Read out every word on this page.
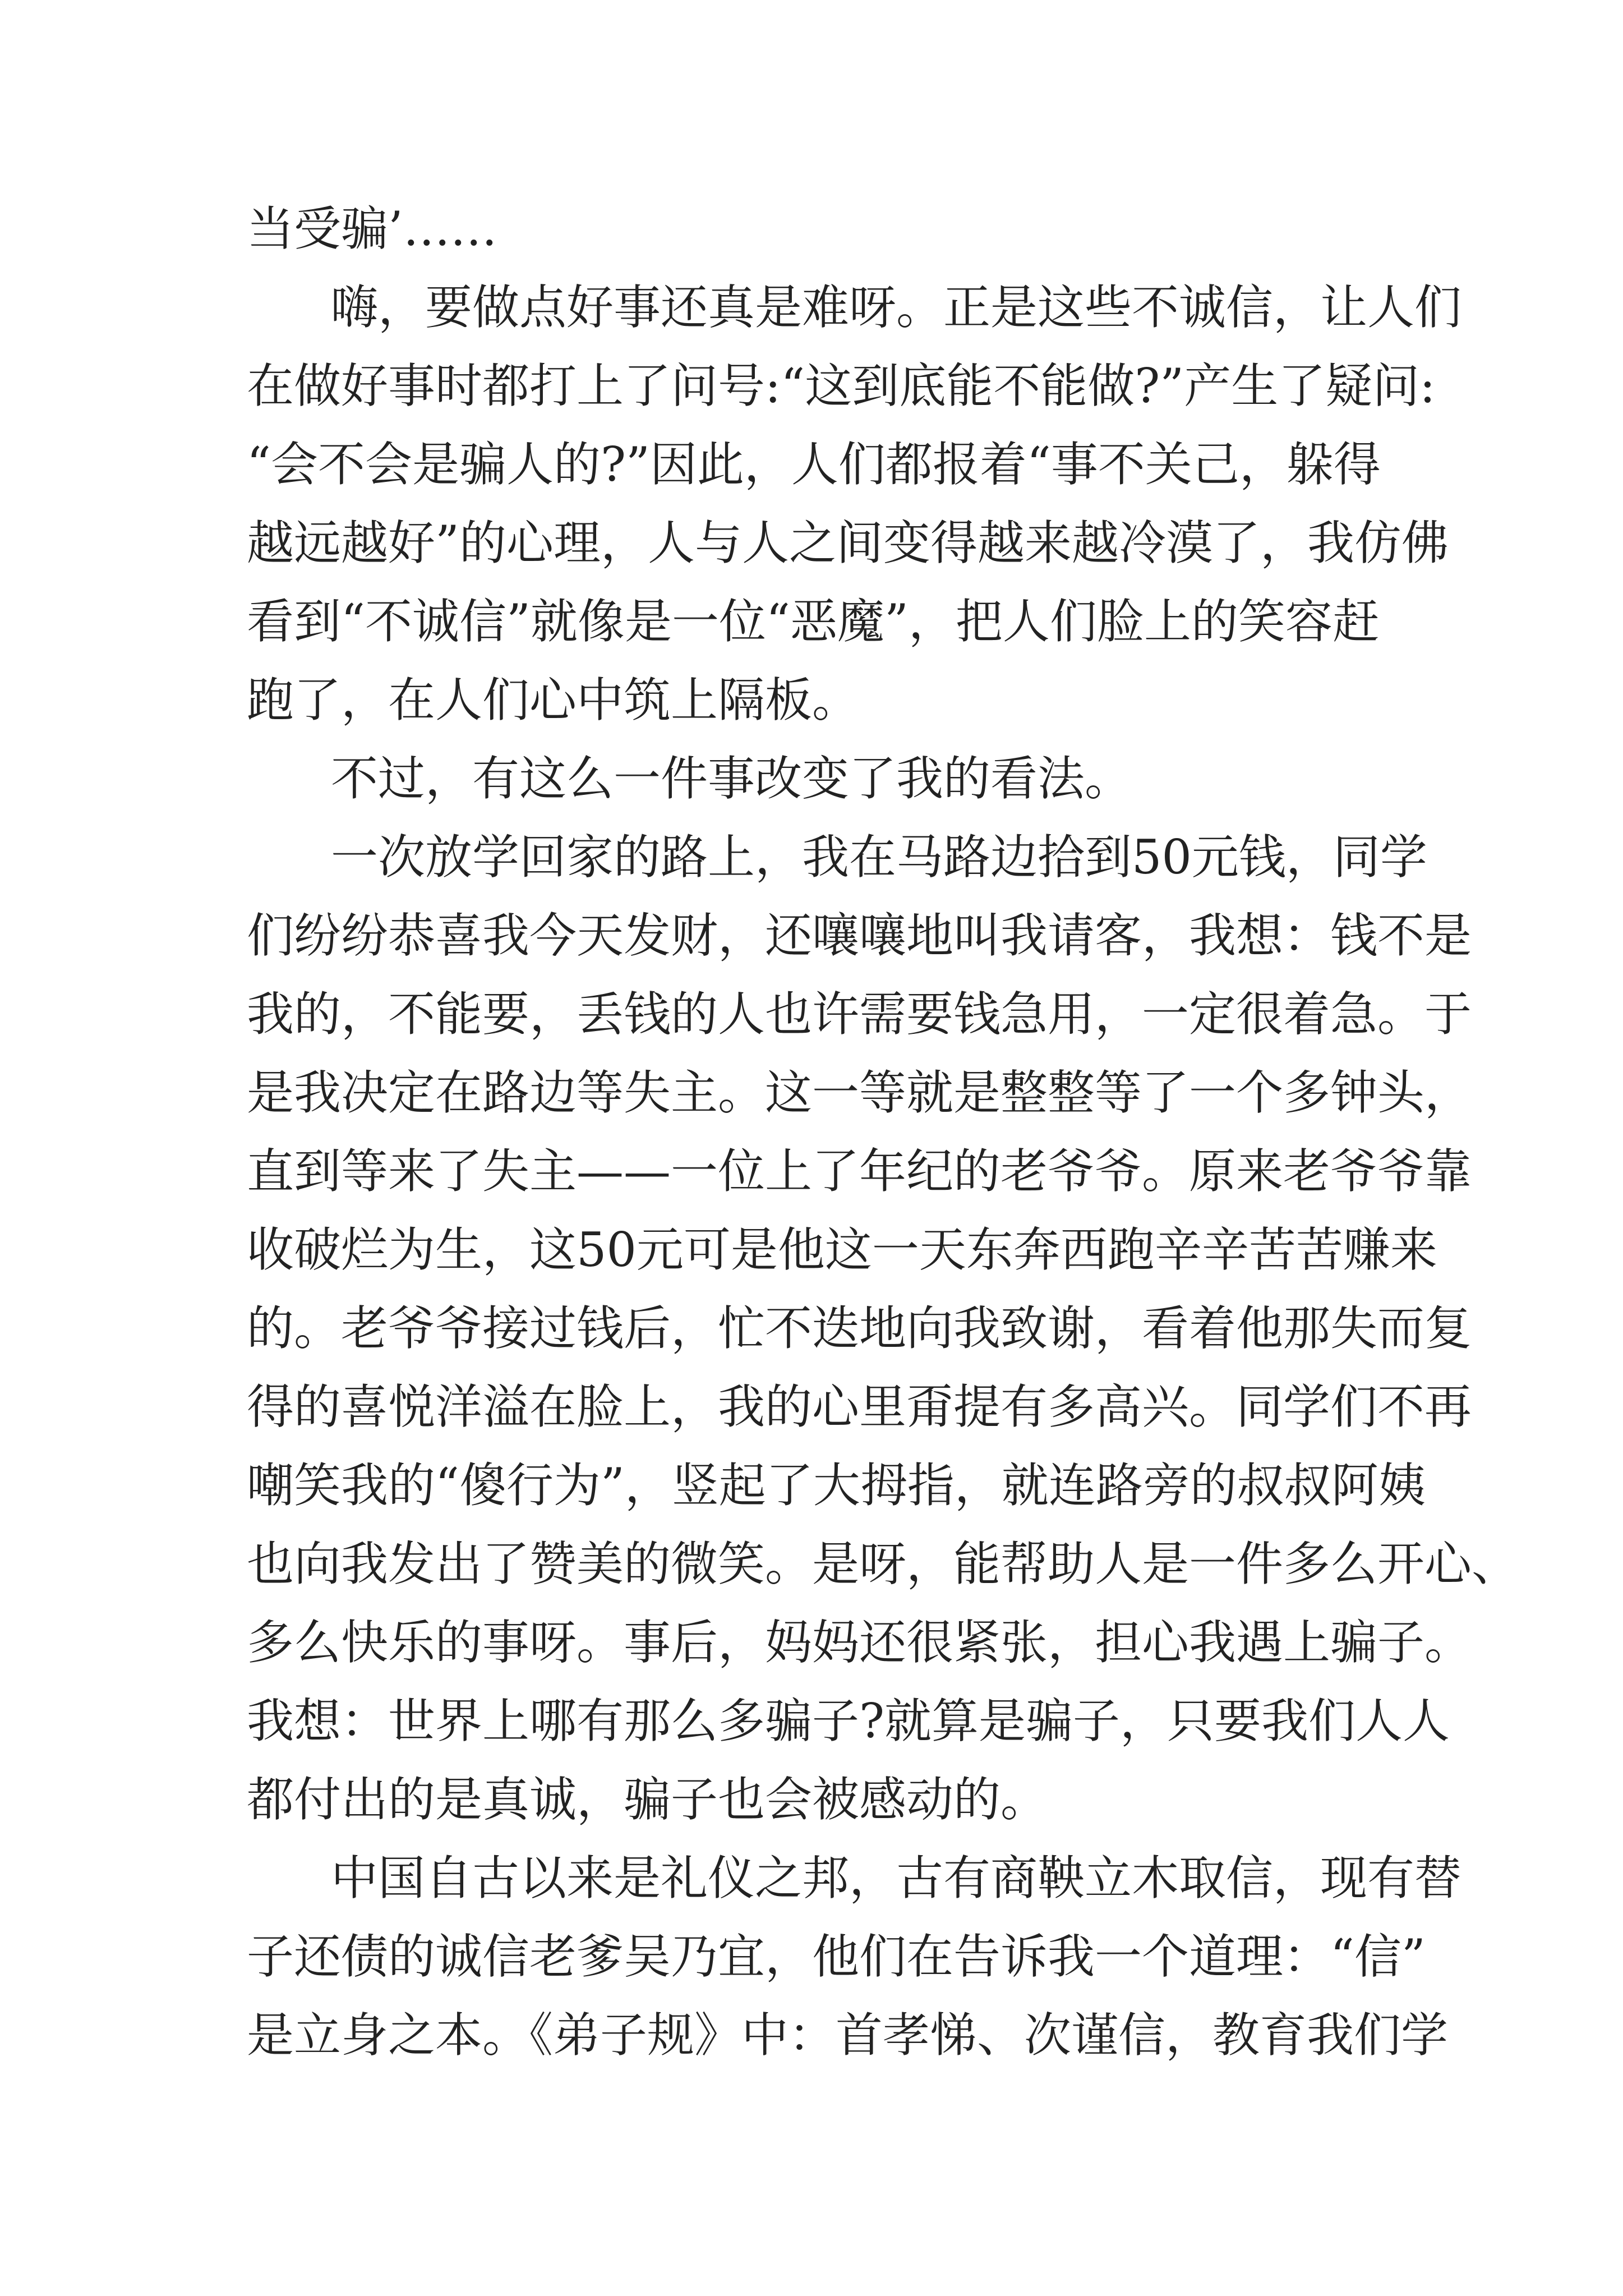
当受骗’……
嗨，要做点好事还真是难呀。正是这些不诚信，让人们
在做好事时都打上了问号:“这到底能不能做?”产生了疑问:
“会不会是骗人的?”因此，人们都报着“事不关己，躲得
越远越好”的心理，人与人之间变得越来越冷漠了，我仿佛
看到“不诚信”就像是一位“恶魔”，把人们脸上的笑容赶
跑了，在人们心中筑上隔板。
不过，有这么一件事改变了我的看法。
一次放学回家的路上，我在马路边拾到50元钱，同学
们纷纷恭喜我今天发财，还嚷嚷地叫我请客，我想：钱不是
我的，不能要，丢钱的人也许需要钱急用，一定很着急。于
是我决定在路边等失主。这一等就是整整等了一个多钟头，
直到等来了失主——一位上了年纪的老爷爷。原来老爷爷靠
收破烂为生，这50元可是他这一天东奔西跑辛辛苦苦赚来
的。老爷爷接过钱后，忙不迭地向我致谢，看着他那失而复
得的喜悦洋溢在脸上，我的心里甭提有多高兴。同学们不再
嘲笑我的“傻行为”，竖起了大拇指，就连路旁的叔叔阿姨
也向我发出了赞美的微笑。是呀，能帮助人是一件多么开心、
多么快乐的事呀。事后，妈妈还很紧张，担心我遇上骗子。
我想：世界上哪有那么多骗子?就算是骗子，只要我们人人
都付出的是真诚，骗子也会被感动的。
中国自古以来是礼仪之邦，古有商鞅立木取信，现有替
子还债的诚信老爹吴乃宜，他们在告诉我一个道理：“信”
是立身之本。《弟子规》中：首孝悌、次谨信，教育我们学
